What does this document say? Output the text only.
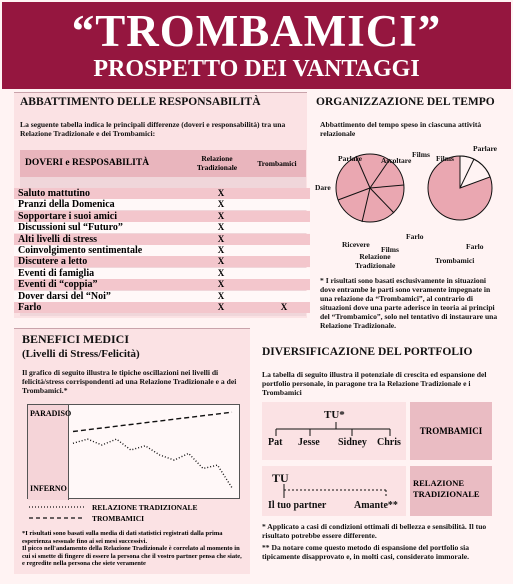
“TROMBAMICI”
PROSPETTO DEI VANTAGGI
ABBATTIMENTO DELLE RESPONSABILITÀ
La seguente tabella indica le principali differenze (doveri e responsabilità) tra una Relazione Tradizionale e dei Trombamici:
DOVERI e RESPOSABILITÀ	Relazione Tradizionale	Trombamici
Saluto mattutino	X
Pranzi della Domenica	X
Sopportare i suoi amici	X
Discussioni sul “Futuro”	X
Alti livelli di stress	X
Coinvolgimento sentimentale	X
Discutere a letto	X
Eventi di famiglia	X
Eventi di “coppia”	X
Dover darsi del “Noi”	X
Farlo	X	X
ORGANIZZAZIONE DEL TEMPO
Abbattimento del tempo speso in ciascuna attività relazionale
Parlare	Ascoltare
Films
Dare
Ricevere
Films
Farlo
Relazione Tradizionale
Films
Parlare
Farlo
Trombamici
* I risultati sono basati esclusivamente in situazioni dove entrambe le parti sono veramente impegnate in una relazione da “Trombamici”, al contrario di situazioni dove una parte aderisce in teoria ai principi del “Trombamico”, solo nel tentativo di instaurare una Relazione Tradizionale.
BENEFICI MEDICI
(Livelli di Stress/Felicità)
Il grafico di seguito illustra le tipiche oscillazioni nei livelli di felicità/stress corrispondenti ad una Relazione Tradizionale e a dei Trombamici.*
PARADISO
INFERNO
RELAZIONE TRADIZIONALE
TROMBAMICI
*I risultati sono basati sulla media di dati statistici registrati dalla prima esperienza sessuale fino ai sei mesi successivi.
Il picco nell'andamento della Relazione Tradizionale è correlato al momento in cui si smette di fingere di essere la persona che il vostro partner pensa che siate, e regredite nella persona che siete veramente
DIVERSIFICAZIONE DEL PORTFOLIO
La tabella di seguito illustra il potenziale di crescita ed espansione del portfolio personale, in paragone tra la Relazione Tradizionale e i Trombamici
TROMBAMICI
TU*
Pat Jesse Sidney Chris
RELAZIONE TRADIZIONALE
TU
Il tuo partner	Amante**
* Applicato a casi di condizioni ottimali di bellezza e sensibilità. Il tuo risultato potrebbe essere differente.
** Da notare come questo metodo di espansione del portfolio sia tipicamente disapprovato e, in molti casi, considerato immorale.
